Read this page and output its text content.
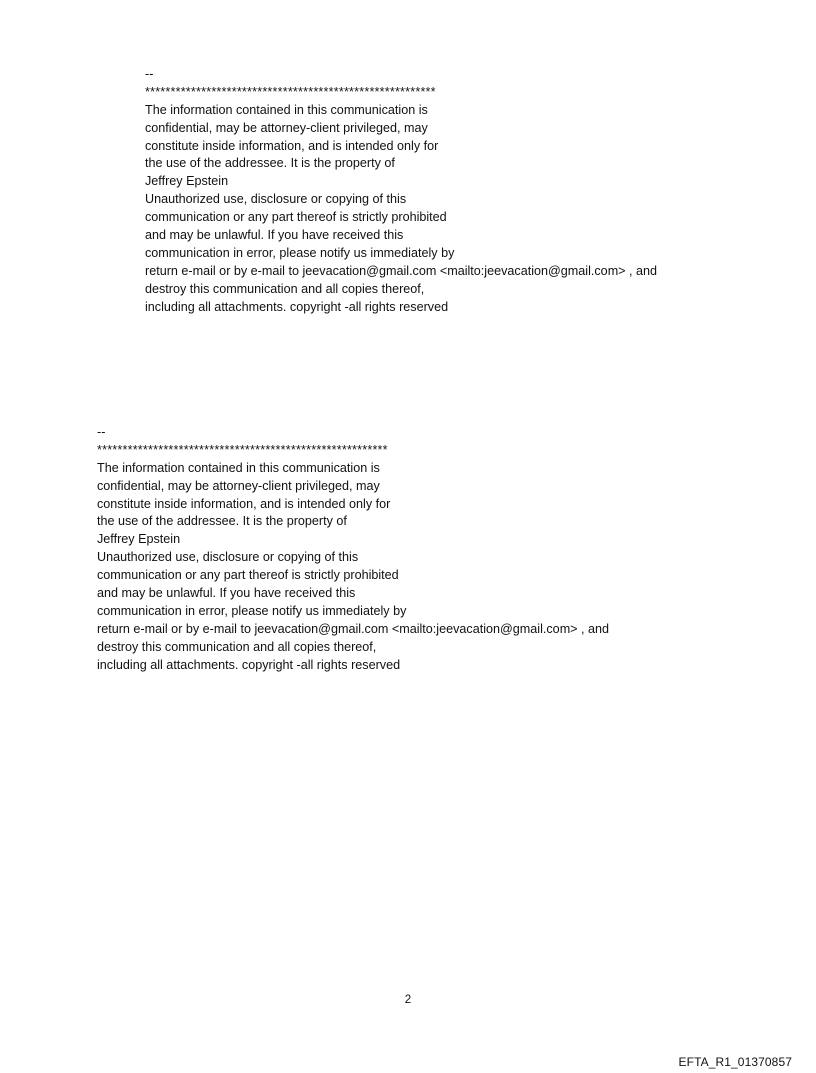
--
*********************************************************
The information contained in this communication is
confidential, may be attorney-client privileged, may
constitute inside information, and is intended only for
the use of the addressee. It is the property of
Jeffrey Epstein
Unauthorized use, disclosure or copying of this
communication or any part thereof is strictly prohibited
and may be unlawful. If you have received this
communication in error, please notify us immediately by
return e-mail or by e-mail to jeevacation@gmail.com <mailto:jeevacation@gmail.com> , and
destroy this communication and all copies thereof,
including all attachments. copyright -all rights reserved
--
*********************************************************
The information contained in this communication is
confidential, may be attorney-client privileged, may
constitute inside information, and is intended only for
the use of the addressee. It is the property of
Jeffrey Epstein
Unauthorized use, disclosure or copying of this
communication or any part thereof is strictly prohibited
and may be unlawful. If you have received this
communication in error, please notify us immediately by
return e-mail or by e-mail to jeevacation@gmail.com <mailto:jeevacation@gmail.com> , and
destroy this communication and all copies thereof,
including all attachments. copyright -all rights reserved
2
EFTA_R1_01370857
